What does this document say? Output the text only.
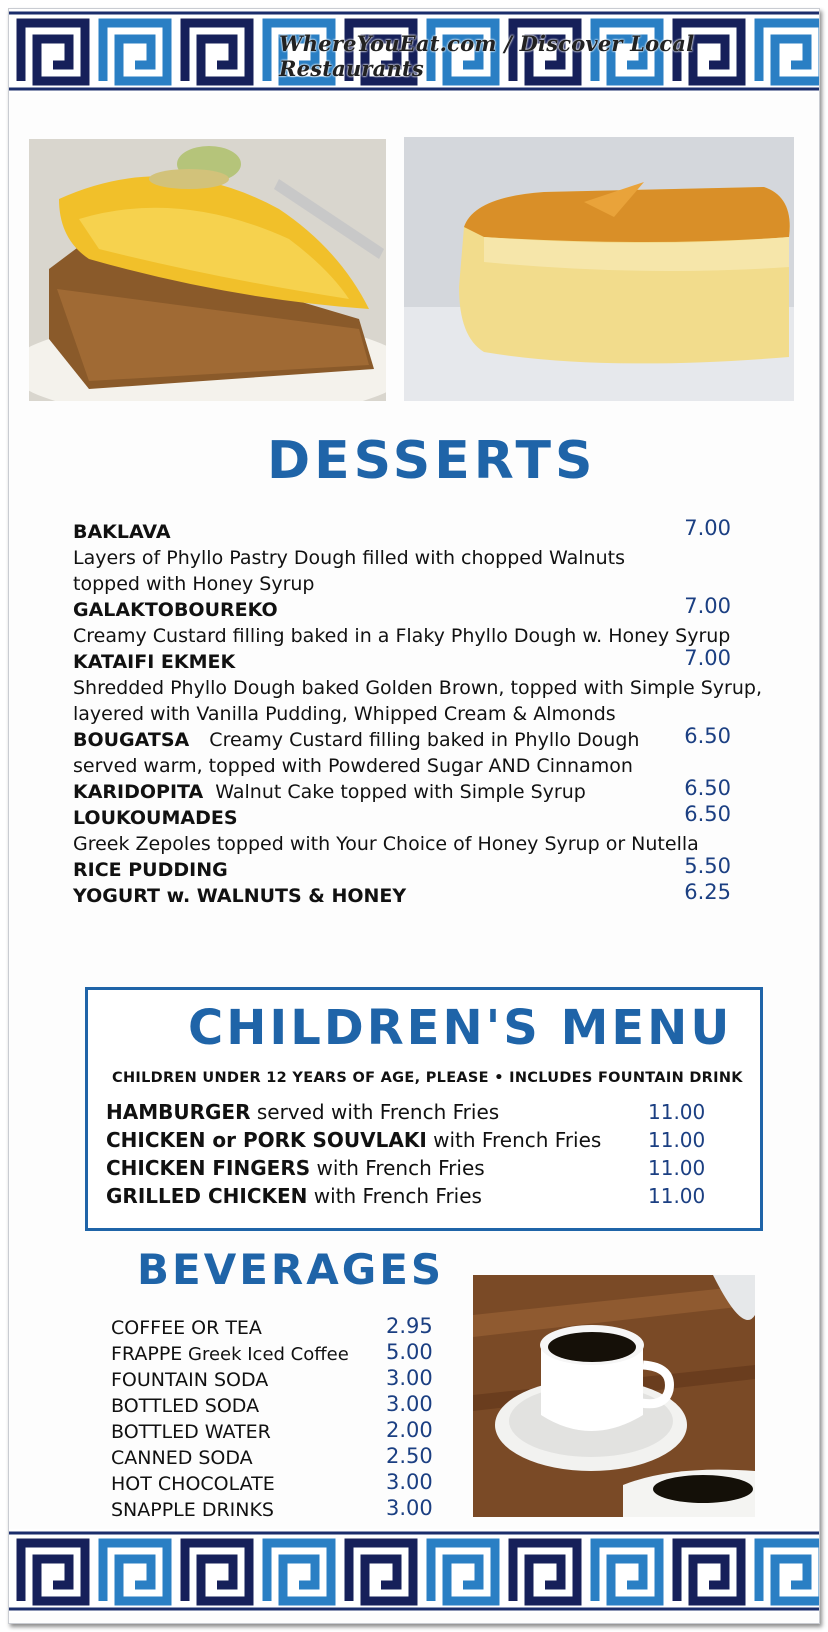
WhereYouEat.com / Discover Local Restaurants
DESSERTS
BAKLAVA	7.00
Layers of Phyllo Pastry Dough filled with chopped Walnuts
topped with Honey Syrup
GALAKTOBOUREKO	7.00
Creamy Custard filling baked in a Flaky Phyllo Dough w. Honey Syrup
KATAIFI EKMEK	7.00
Shredded Phyllo Dough baked Golden Brown, topped with Simple Syrup,
layered with Vanilla Pudding, Whipped Cream & Almonds
BOUGATSA Creamy Custard filling baked in Phyllo Dough	6.50
served warm, topped with Powdered Sugar AND Cinnamon
KARIDOPITA Walnut Cake topped with Simple Syrup	6.50
LOUKOUMADES	6.50
Greek Zepoles topped with Your Choice of Honey Syrup or Nutella
RICE PUDDING	5.50
YOGURT w. WALNUTS & HONEY	6.25
CHILDREN'S MENU
CHILDREN UNDER 12 YEARS OF AGE, PLEASE • INCLUDES FOUNTAIN DRINK
HAMBURGER served with French Fries	11.00
CHICKEN or PORK SOUVLAKI with French Fries 11.00
CHICKEN FINGERS with French Fries	11.00
GRILLED CHICKEN with French Fries	11.00
BEVERAGES
COFFEE OR TEA	2.95
FRAPPE Greek Iced Coffee 5.00
FOUNTAIN SODA	3.00
BOTTLED SODA	3.00
BOTTLED WATER	2.00
CANNED SODA	2.50
HOT CHOCOLATE	3.00
SNAPPLE DRINKS	3.00
